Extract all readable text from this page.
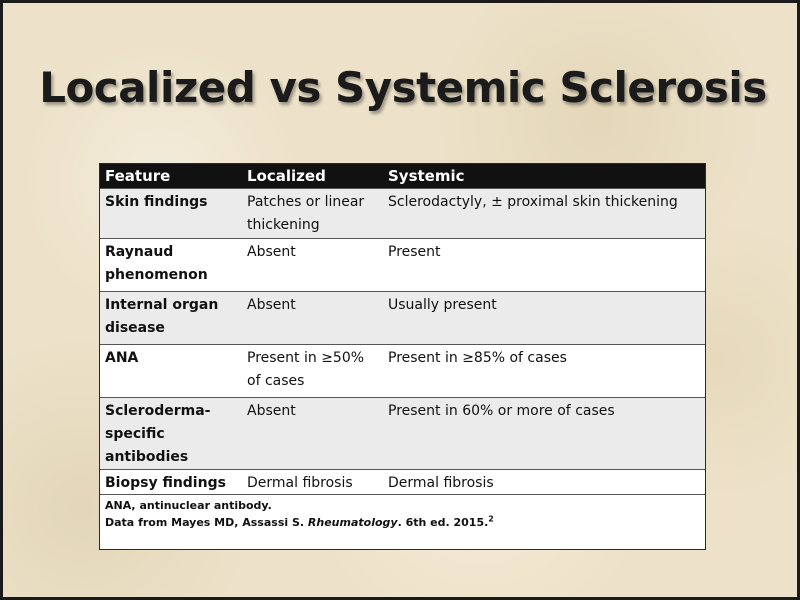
Localized vs Systemic Sclerosis
Feature	Localized	Systemic
Skin findings	Patches or linear thickening	Sclerodactyly, ± proximal skin thickening
Raynaud phenomenon	Absent	Present
Internal organ disease	Absent	Usually present
ANA	Present in ≥50% of cases	Present in ≥85% of cases
Scleroderma-specific antibodies	Absent	Present in 60% or more of cases
Biopsy findings	Dermal fibrosis	Dermal fibrosis
ANA, antinuclear antibody.
Data from Mayes MD, Assassi S. Rheumatology. 6th ed. 2015.$^2$
